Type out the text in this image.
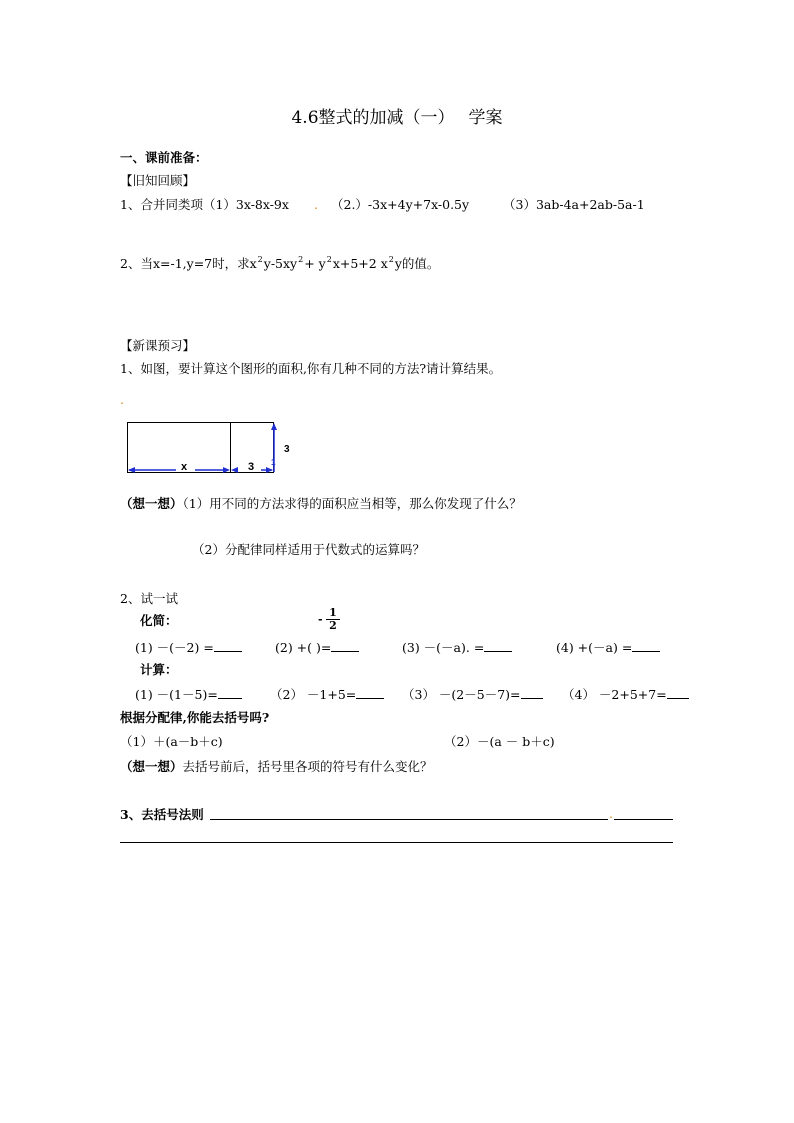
4.6整式的加减（一） 学案
一、课前准备：
【旧知回顾】
1、合并同类项（1）3x-8x-9x . （2.）-3x+4y+7x-0.5y	（3）3ab-4a+2ab-5a-1
2、当x=-1,y=7时，求$x^2y-5xy^2+ y^2x+5+2$ $x^2y$的值。
【新课预习】
1、如图，要计算这个图形的面积,你有几种不同的方法?请计算结果。
.
x	3
3
1
（想一想）（1）用不同的方法求得的面积应当相等，那么你发现了什么？
（2）分配律同样适用于代数式的运算吗？
2、试一试
化简：	-
1
2
(1) －(－2) =	(2) +( )=	(3) －(－a). =	(4) +(－a) =
计算：
(1) －(1－5)=	（2） －1+5=	（3） －(2－5－7)=	（4） －2+5+7=
根据分配律,你能去括号吗?
（1）＋(a－b＋c)	（2）－(a － b＋c)
（想一想）去括号前后，括号里各项的符号有什么变化？
3、去括号法则	.
